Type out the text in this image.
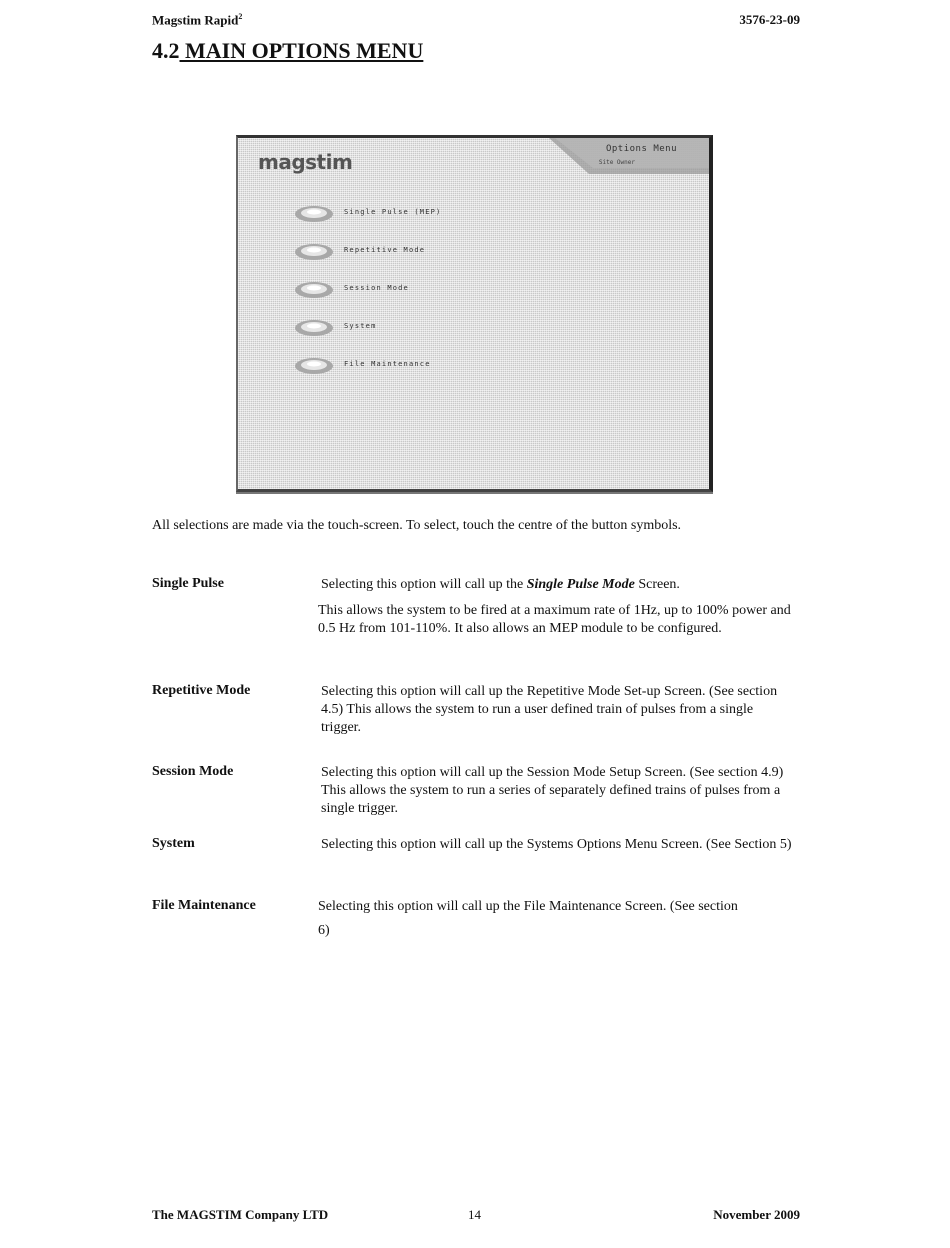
Magstim Rapid$^2$	3576-23-09
4.2 MAIN OPTIONS MENU
magstim
Options Menu
Site Owner
Single Pulse (MEP)
Repetitive Mode
Session Mode
System
File Maintenance
All selections are made via the touch-screen. To select, touch the centre of the button symbols.
Single Pulse	Selecting this option will call up the Single Pulse Mode Screen.

This allows the system to be fired at a maximum rate of 1Hz, up to 100% power and 0.5 Hz from 101-110%. It also allows an MEP module to be configured.

Repetitive Mode	Selecting this option will call up the Repetitive Mode Set-up Screen. (See section 4.5) This allows the system to run a user defined train of pulses from a single trigger.

Session Mode	Selecting this option will call up the Session Mode Setup Screen. (See section 4.9) This allows the system to run a series of separately defined trains of pulses from a single trigger.

System	Selecting this option will call up the Systems Options Menu Screen. (See Section 5)

File Maintenance	Selecting this option will call up the File Maintenance Screen. (See section

6)

The MAGSTIM Company LTD	14	November 2009
